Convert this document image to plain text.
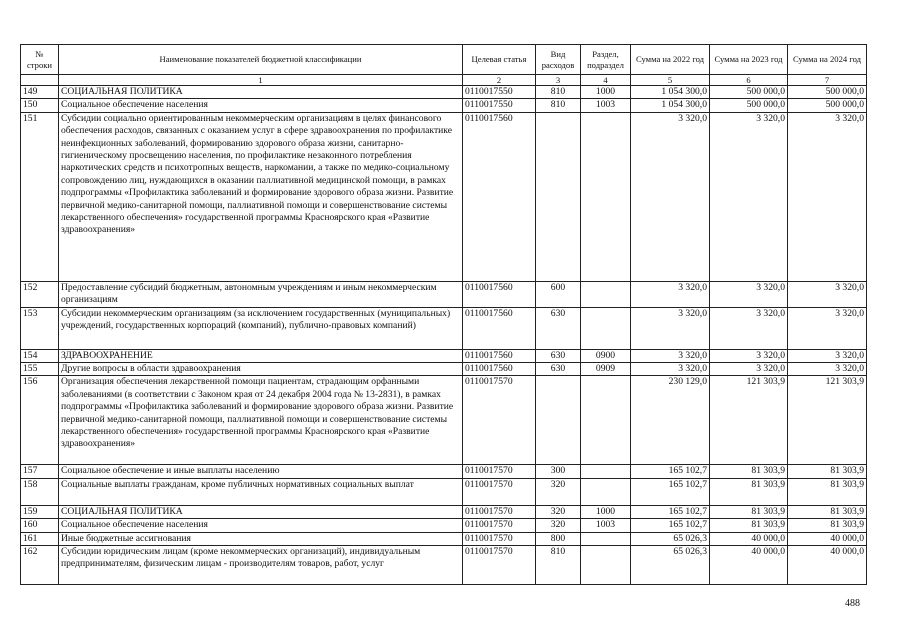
№ строки	Наименование показателей бюджетной классификации	Целевая статья	Вид расходов	Раздел, подраздел	Сумма на 2022 год	Сумма на 2023 год	Сумма на 2024 год
	1	2	3	4	5	6	7
149	СОЦИАЛЬНАЯ ПОЛИТИКА	0110017550	810	1000	1 054 300,0	500 000,0	500 000,0
150	Социальное обеспечение населения	0110017550	810	1003	1 054 300,0	500 000,0	500 000,0
151	Субсидии социально ориентированным некоммерческим организациям в целях финансового обеспечения расходов, связанных с оказанием услуг в сфере здравоохранения по профилактике неинфекционных заболеваний, формированию здорового образа жизни, санитарно-гигиеническому просвещению населения, по профилактике незаконного потребления наркотических средств и психотропных веществ, наркомании, а также по медико-социальному сопровождению лиц, нуждающихся в оказании паллиативной медицинской помощи, в рамках подпрограммы «Профилактика заболеваний и формирование здорового образа жизни. Развитие первичной медико-санитарной помощи, паллиативной помощи и совершенствование системы лекарственного обеспечения» государственной программы Красноярского края «Развитие здравоохранения»	0110017560			3 320,0	3 320,0	3 320,0
152	Предоставление субсидий бюджетным, автономным учреждениям и иным некоммерческим организациям	0110017560	600		3 320,0	3 320,0	3 320,0
153	Субсидии некоммерческим организациям (за исключением государственных (муниципальных) учреждений, государственных корпораций (компаний), публично-правовых компаний)	0110017560	630		3 320,0	3 320,0	3 320,0
154	ЗДРАВООХРАНЕНИЕ	0110017560	630	0900	3 320,0	3 320,0	3 320,0
155	Другие вопросы в области здравоохранения	0110017560	630	0909	3 320,0	3 320,0	3 320,0
156	Организация обеспечения лекарственной помощи пациентам, страдающим орфанными заболеваниями (в соответствии с Законом края от 24 декабря 2004 года № 13-2831), в рамках подпрограммы «Профилактика заболеваний и формирование здорового образа жизни. Развитие первичной медико-санитарной помощи, паллиативной помощи и совершенствование системы лекарственного обеспечения» государственной программы Красноярского края «Развитие здравоохранения»	0110017570			230 129,0	121 303,9	121 303,9
157	Социальное обеспечение и иные выплаты населению	0110017570	300		165 102,7	81 303,9	81 303,9
158	Социальные выплаты гражданам, кроме публичных нормативных социальных выплат	0110017570	320		165 102,7	81 303,9	81 303,9
159	СОЦИАЛЬНАЯ ПОЛИТИКА	0110017570	320	1000	165 102,7	81 303,9	81 303,9
160	Социальное обеспечение населения	0110017570	320	1003	165 102,7	81 303,9	81 303,9
161	Иные бюджетные ассигнования	0110017570	800		65 026,3	40 000,0	40 000,0
162	Субсидии юридическим лицам (кроме некоммерческих организаций), индивидуальным предпринимателям, физическим лицам - производителям товаров, работ, услуг	0110017570	810		65 026,3	40 000,0	40 000,0
488
